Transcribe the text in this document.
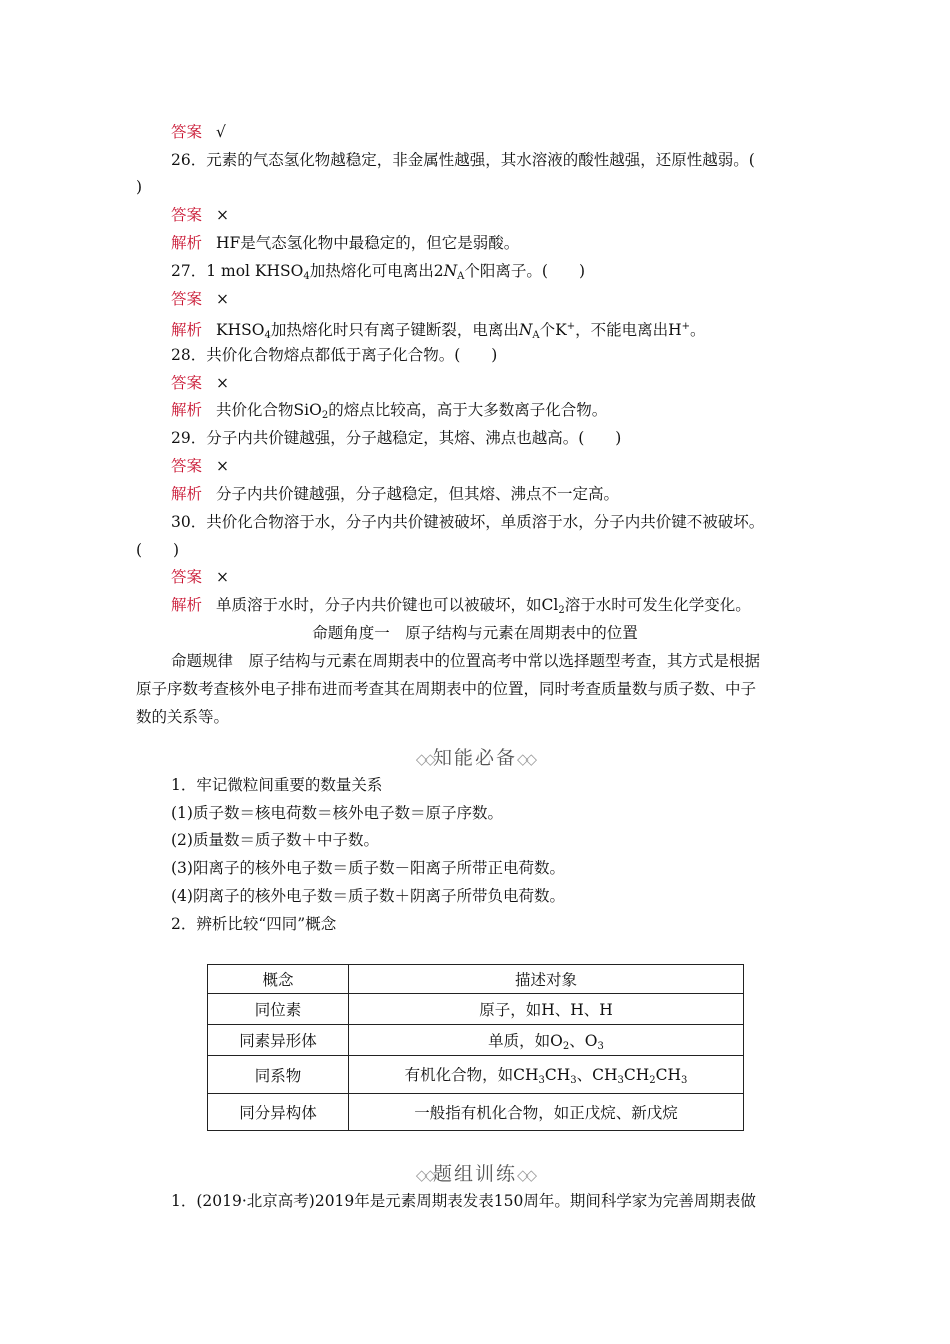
答案 √
26．元素的气态氢化物越稳定，非金属性越强，其水溶液的酸性越强，还原性越弱。(
)
答案 ×
解析 HF是气态氢化物中最稳定的，但它是弱酸。
27．1 mol $KHSO_4$加热熔化可电离出$2N_A$个阳离子。(　　)
答案 ×
解析 $KHSO_4$加热熔化时只有离子键断裂，电离出$N_A$个K+，不能电离出H+。
28．共价化合物熔点都低于离子化合物。(　　)
答案 ×
解析 共价化合物SiO$_2$的熔点比较高，高于大多数离子化合物。
29．分子内共价键越强，分子越稳定，其熔、沸点也越高。(　　)
答案 ×
解析 分子内共价键越强，分子越稳定，但其熔、沸点不一定高。
30．共价化合物溶于水，分子内共价键被破坏，单质溶于水，分子内共价键不被破坏。
(　　)
答案 ×
解析 单质溶于水时，分子内共价键也可以被破坏，如$Cl_2$溶于水时可发生化学变化。
命题角度一　原子结构与元素在周期表中的位置
命题规律　原子结构与元素在周期表中的位置高考中常以选择题型考查，其方式是根据
原子序数考查核外电子排布进而考查其在周期表中的位置，同时考查质量数与质子数、中子
数的关系等。
◇◇知能必备◇◇
1．牢记微粒间重要的数量关系
(1)质子数＝核电荷数＝核外电子数＝原子序数。
(2)质量数＝质子数＋中子数。
(3)阳离子的核外电子数＝质子数－阳离子所带正电荷数。
(4)阴离子的核外电子数＝质子数＋阴离子所带负电荷数。
2．辨析比较“四同”概念
概念	描述对象
同位素	原子，如H、H、H
同素异形体	单质，如$O_2$、$O_3$
同系物	有机化合物，如$CH_3CH_3$、$CH_3CH_2CH_3$
同分异构体	一般指有机化合物，如正戊烷、新戊烷
◇◇题组训练◇◇
1．(2019·北京高考)2019年是元素周期表发表150周年。期间科学家为完善周期表做
